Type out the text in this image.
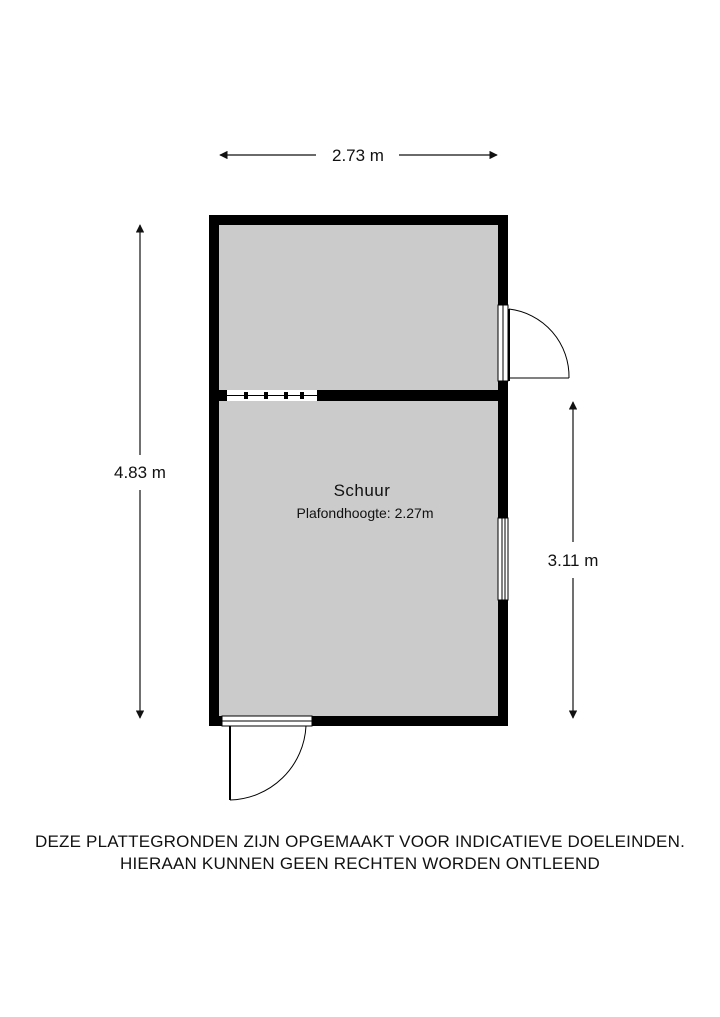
2.73 m
4.83 m
3.11 m
Schuur
Plafondhoogte: 2.27m
DEZE PLATTEGRONDEN ZIJN OPGEMAAKT VOOR INDICATIEVE DOELEINDEN.
HIERAAN KUNNEN GEEN RECHTEN WORDEN ONTLEEND
